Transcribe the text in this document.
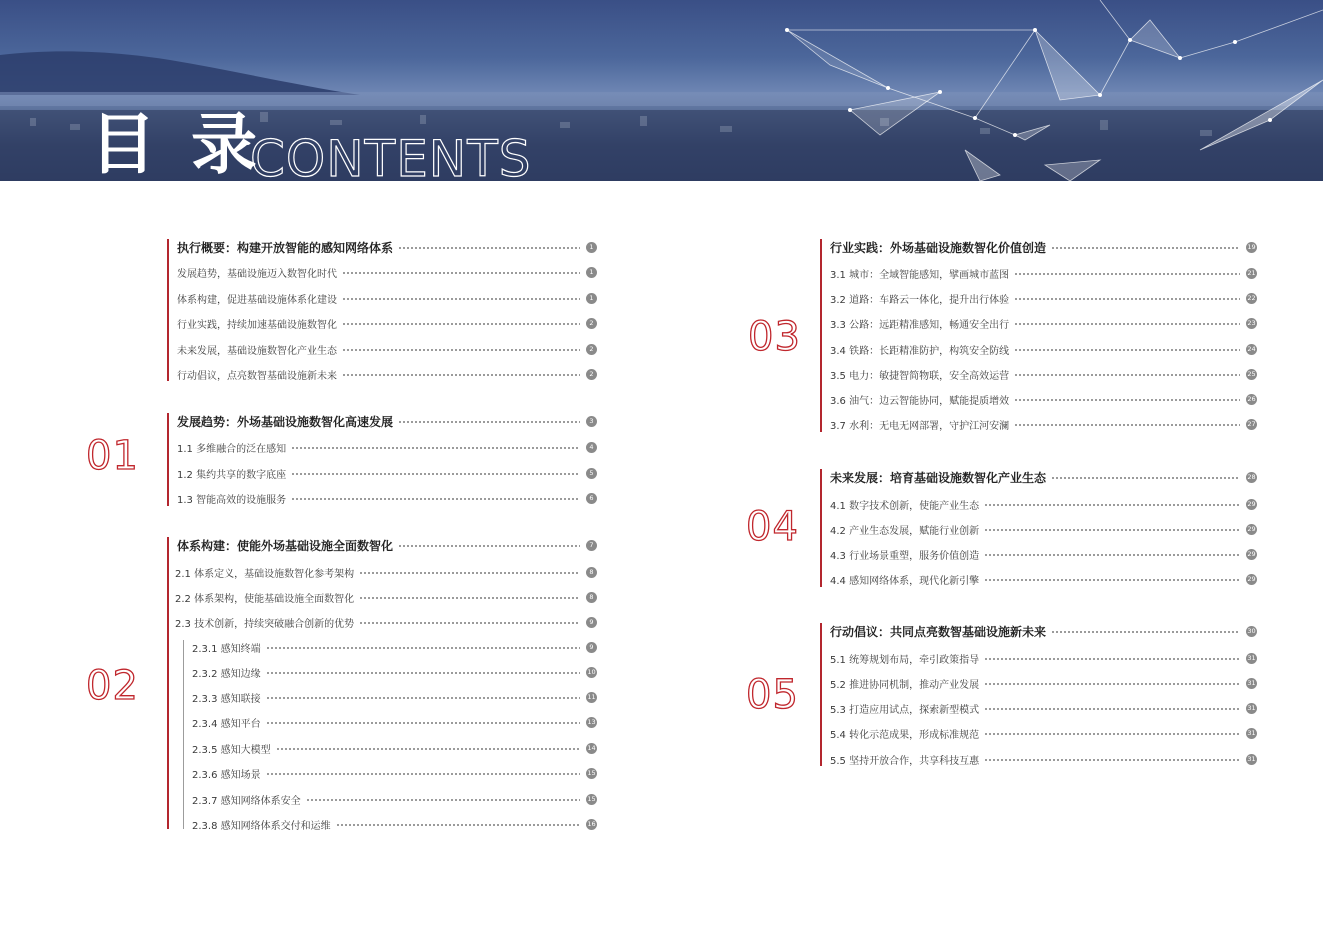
目 录
CONTENTS
执行概要：构建开放智能的感知网络体系	1
发展趋势，基础设施迈入数智化时代	1
体系构建，促进基础设施体系化建设	1
行业实践，持续加速基础设施数智化	2
未来发展，基础设施数智化产业生态	2
行动倡议，点亮数智基础设施新未来	2
01
发展趋势：外场基础设施数智化高速发展	3
1.1 多维融合的泛在感知	4
1.2 集约共享的数字底座	5
1.3 智能高效的设施服务	6
02
体系构建：使能外场基础设施全面数智化	7
2.1 体系定义，基础设施数智化参考架构	8
2.2 体系架构，使能基础设施全面数智化	8
2.3 技术创新，持续突破融合创新的优势	9
2.3.1 感知终端	9
2.3.2 感知边缘	10
2.3.3 感知联接	11
2.3.4 感知平台	13
2.3.5 感知大模型	14
2.3.6 感知场景	15
2.3.7 感知网络体系安全	15
2.3.8 感知网络体系交付和运维	16
03
行业实践：外场基础设施数智化价值创造	19
3.1 城市：全域智能感知，擘画城市蓝图	21
3.2 道路：车路云一体化，提升出行体验	22
3.3 公路：远距精准感知，畅通安全出行	23
3.4 铁路：长距精准防护，构筑安全防线	24
3.5 电力：敏捷智简物联，安全高效运营	25
3.6 油气：边云智能协同，赋能提质增效	26
3.7 水利：无电无网部署，守护江河安澜	27
04
未来发展：培育基础设施数智化产业生态	28
4.1 数字技术创新，使能产业生态	29
4.2 产业生态发展，赋能行业创新	29
4.3 行业场景重塑，服务价值创造	29
4.4 感知网络体系，现代化新引擎	29
05
行动倡议：共同点亮数智基础设施新未来	30
5.1 统筹规划布局，牵引政策指导	31
5.2 推进协同机制，推动产业发展	31
5.3 打造应用试点，探索新型模式	31
5.4 转化示范成果，形成标准规范	31
5.5 坚持开放合作，共享科技互惠	31
